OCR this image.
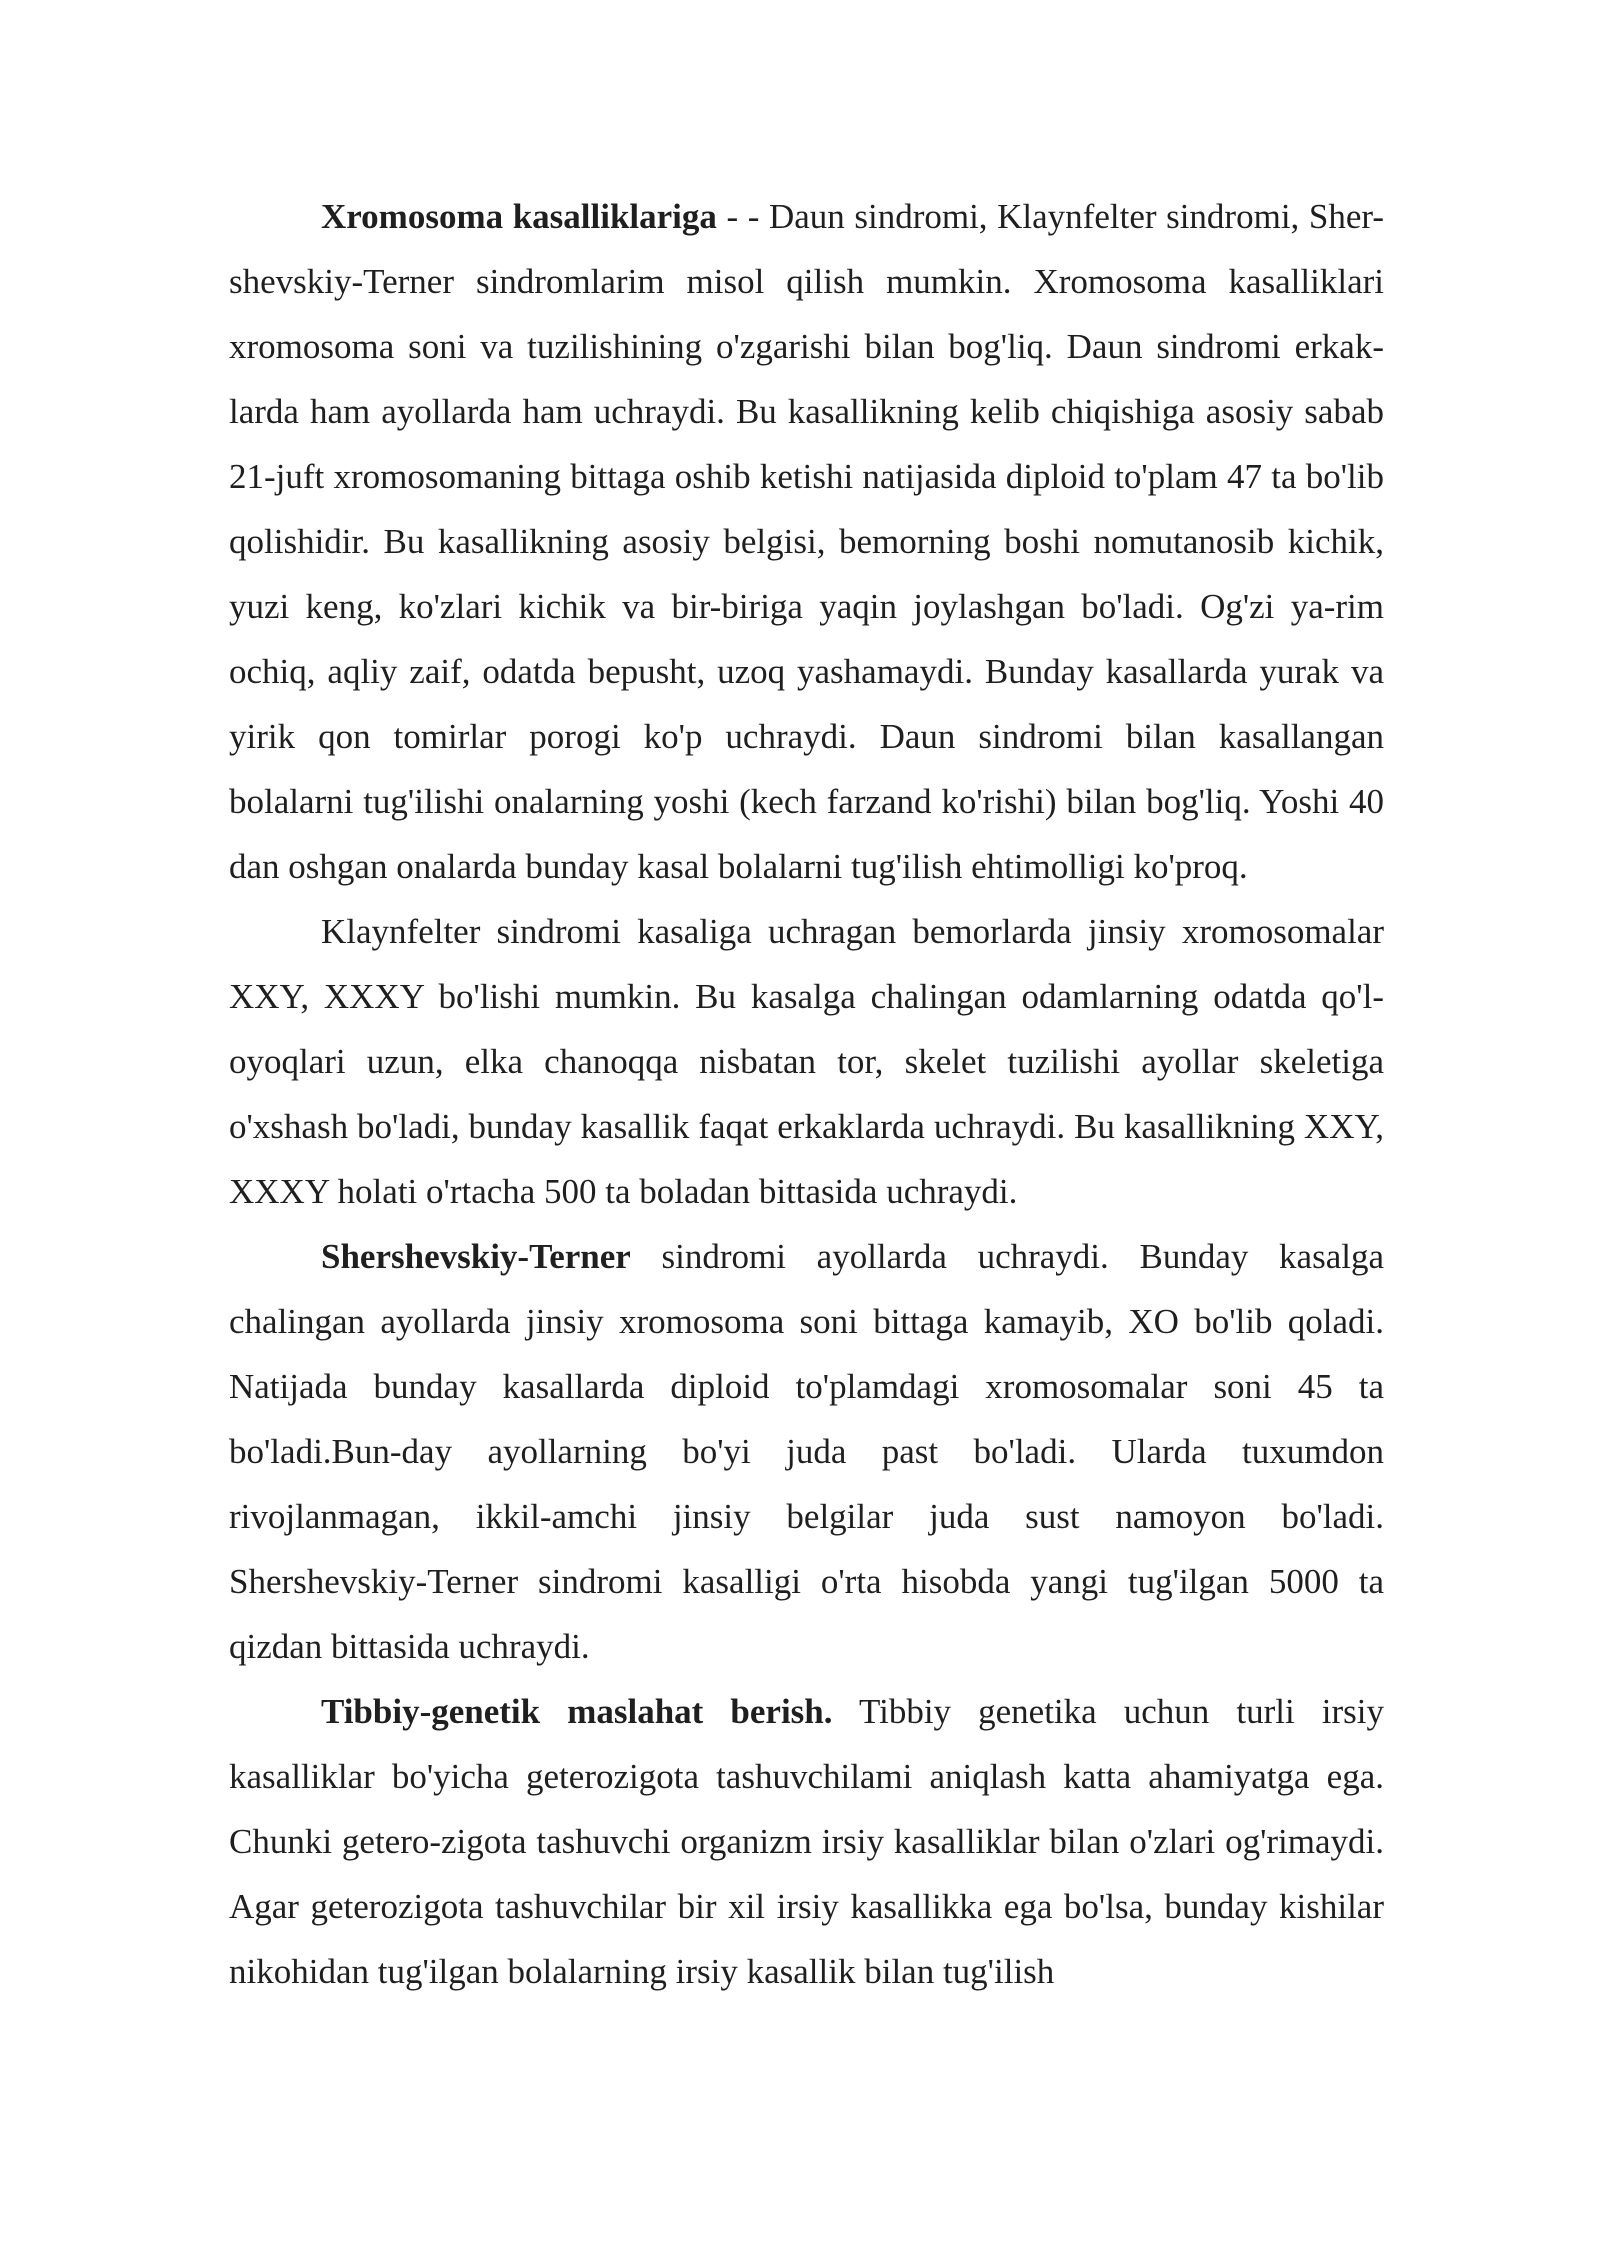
Xromosoma kasalliklariga - - Daun sindromi, Klaynfelter sindromi, Sher-shevskiy-Terner sindromlarim misol qilish mumkin. Xromosoma kasalliklari xromosoma soni va tuzilishining o'zgarishi bilan bog'liq. Daun sindromi erkak-larda ham ayollarda ham uchraydi. Bu kasallikning kelib chiqishiga asosiy sabab 21-juft xromosomaning bittaga oshib ketishi natijasida diploid to'plam 47 ta bo'lib qolishidir. Bu kasallikning asosiy belgisi, bemorning boshi nomutanosib kichik, yuzi keng, ko'zlari kichik va bir-biriga yaqin joylashgan bo'ladi. Og'zi ya-rim ochiq, aqliy zaif, odatda bepusht, uzoq yashamaydi. Bunday kasallarda yurak va yirik qon tomirlar porogi ko'p uchraydi. Daun sindromi bilan kasallangan bolalarni tug'ilishi onalarning yoshi (kech farzand ko'rishi) bilan bog'liq. Yoshi 40 dan oshgan onalarda bunday kasal bolalarni tug'ilish ehtimolligi ko'proq.

Klaynfelter sindromi kasaliga uchragan bemorlarda jinsiy xromosomalar XXY, XXXY bo'lishi mumkin. Bu kasalga chalingan odamlarning odatda qo'l-oyoqlari uzun, elka chanoqqa nisbatan tor, skelet tuzilishi ayollar skeletiga o'xshash bo'ladi, bunday kasallik faqat erkaklarda uchraydi. Bu kasallikning XXY, XXXY holati o'rtacha 500 ta boladan bittasida uchraydi.

Shershevskiy-Terner sindromi ayollarda uchraydi. Bunday kasalga chalingan ayollarda jinsiy xromosoma soni bittaga kamayib, XO bo'lib qoladi. Natijada bunday kasallarda diploid to'plamdagi xromosomalar soni 45 ta bo'ladi.Bun-day ayollarning bo'yi juda past bo'ladi. Ularda tuxumdon rivojlanmagan, ikkil-amchi jinsiy belgilar juda sust namoyon bo'ladi. Shershevskiy-Terner sindromi kasalligi o'rta hisobda yangi tug'ilgan 5000 ta qizdan bittasida uchraydi.

Tibbiy-genetik maslahat berish. Tibbiy genetika uchun turli irsiy kasalliklar bo'yicha geterozigota tashuvchilami aniqlash katta ahamiyatga ega. Chunki getero-zigota tashuvchi organizm irsiy kasalliklar bilan o'zlari og'rimaydi. Agar geterozigota tashuvchilar bir xil irsiy kasallikka ega bo'lsa, bunday kishilar nikohidan tug'ilgan bolalarning irsiy kasallik bilan tug'ilish
